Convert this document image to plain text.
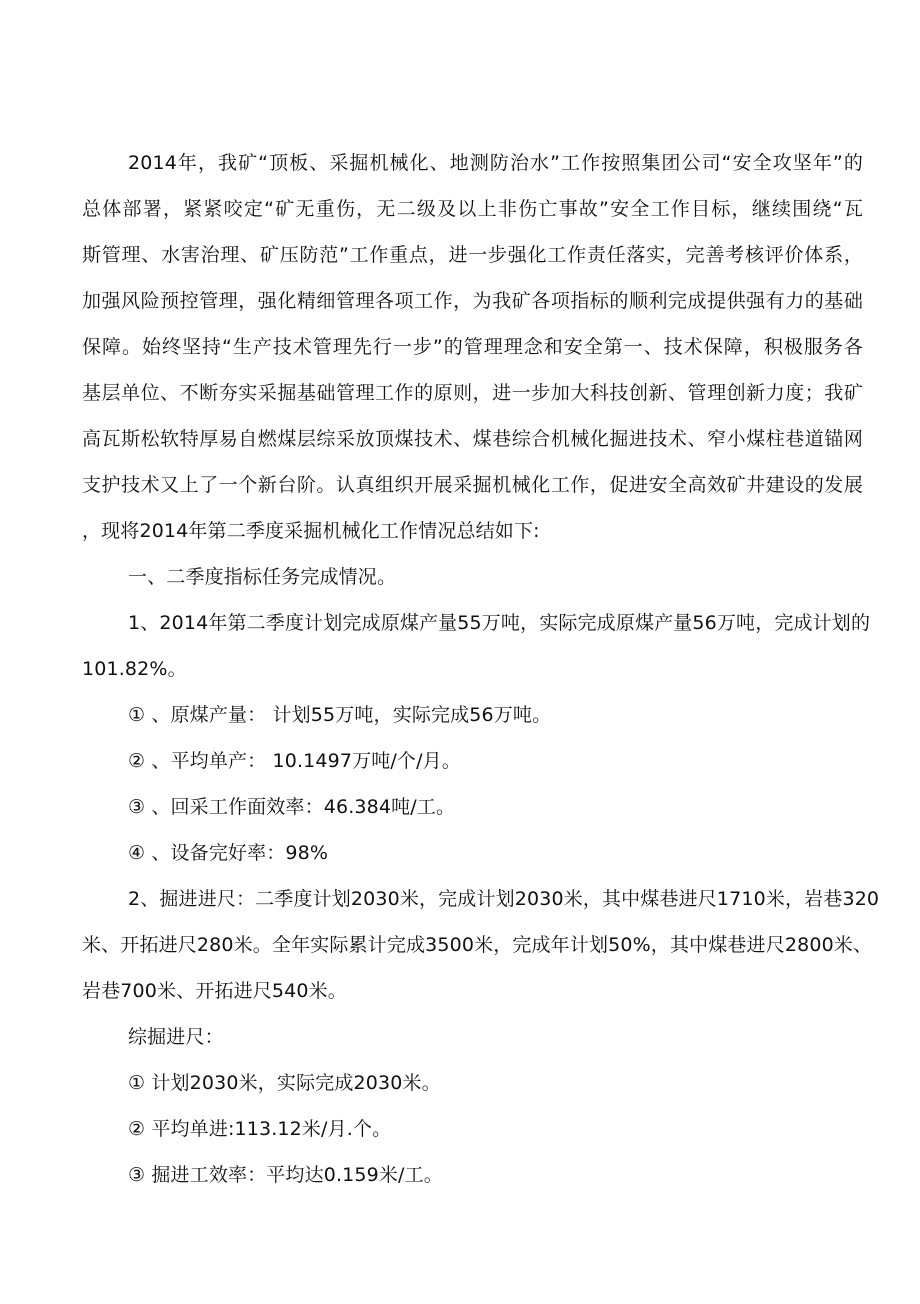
2014年，我矿“顶板、采掘机械化、地测防治水”工作按照集团公司“安全攻坚年”的
总体部署，紧紧咬定“矿无重伤，无二级及以上非伤亡事故”安全工作目标，继续围绕“瓦
斯管理、水害治理、矿压防范”工作重点，进一步强化工作责任落实，完善考核评价体系，
加强风险预控管理，强化精细管理各项工作，为我矿各项指标的顺利完成提供强有力的基础
保障。始终坚持“生产技术管理先行一步”的管理理念和安全第一、技术保障，积极服务各
基层单位、不断夯实采掘基础管理工作的原则，进一步加大科技创新、管理创新力度；我矿
高瓦斯松软特厚易自燃煤层综采放顶煤技术、煤巷综合机械化掘进技术、窄小煤柱巷道锚网
支护技术又上了一个新台阶。认真组织开展采掘机械化工作，促进安全高效矿井建设的发展
，现将2014年第二季度采掘机械化工作情况总结如下:
一、二季度指标任务完成情况。
1、2014年第二季度计划完成原煤产量55万吨，实际完成原煤产量56万吨，完成计划的
101.82%。
① 、原煤产量： 计划55万吨，实际完成56万吨。
② 、平均单产： 10.1497万吨/个/月。
③ 、回采工作面效率：46.384吨/工。
④ 、设备完好率：98%
2、掘进进尺：二季度计划2030米，完成计划2030米，其中煤巷进尺1710米，岩巷320
米、开拓进尺280米。全年实际累计完成3500米，完成年计划50%，其中煤巷进尺2800米、
岩巷700米、开拓进尺540米。
综掘进尺：
① 计划2030米，实际完成2030米。
② 平均单进:113.12米/月.个。
③ 掘进工效率：平均达0.159米/工。
